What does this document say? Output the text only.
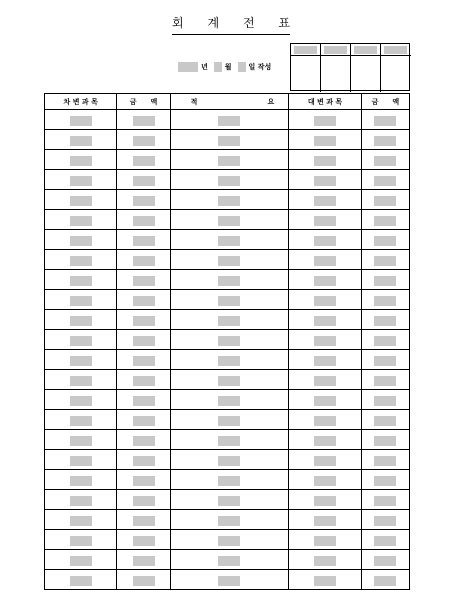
회 계 전 표
년 월 일 작성
차 변 과 목	금　　액	적 요	대 변 과 목	금　　액
